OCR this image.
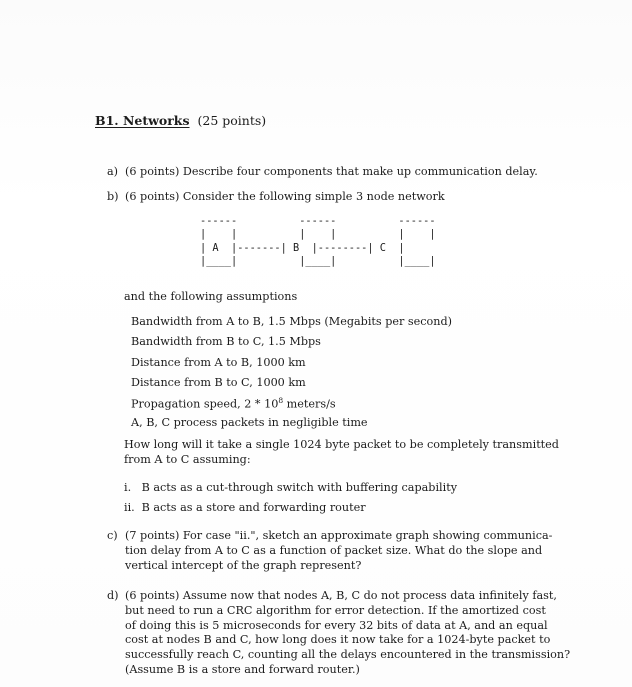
B1. Networks (25 points)
a) (6 points) Describe four components that make up communication delay.
b) (6 points) Consider the following simple 3 node network
------          ------          ------
|    |          |    |          |    |
| A  |-------| B  |--------| C  |
|____|          |____|          |____|
and the following assumptions
Bandwidth from A to B, 1.5 Mbps (Megabits per second)
Bandwidth from B to C, 1.5 Mbps
Distance from A to B, 1000 km
Distance from B to C, 1000 km
Propagation speed, $2 * 10^8$ meters/s
A, B, C process packets in negligible time
How long will it take a single 1024 byte packet to be completely transmitted
from A to C assuming:
i. B acts as a cut-through switch with buffering capability
ii. B acts as a store and forwarding router
c) (7 points) For case "ii.", sketch an approximate graph showing communica-
tion delay from A to C as a function of packet size. What do the slope and
vertical intercept of the graph represent?
d) (6 points) Assume now that nodes A, B, C do not process data infinitely fast,
but need to run a CRC algorithm for error detection. If the amortized cost
of doing this is 5 microseconds for every 32 bits of data at A, and an equal
cost at nodes B and C, how long does it now take for a 1024-byte packet to
successfully reach C, counting all the delays encountered in the transmission?
(Assume B is a store and forward router.)
